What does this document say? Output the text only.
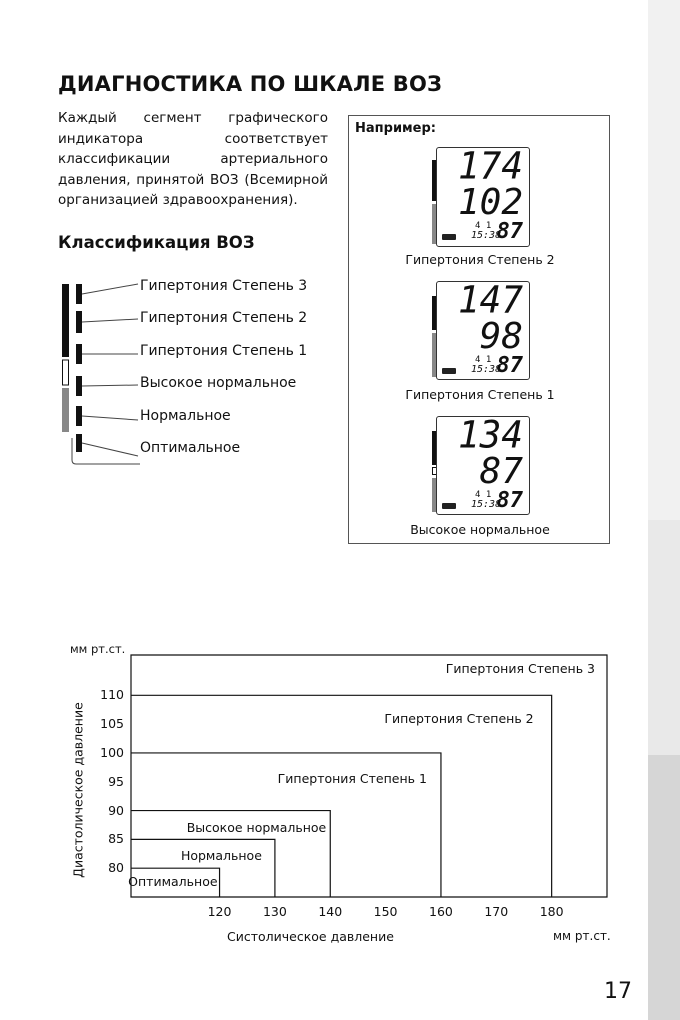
ДИАГНОСТИКА ПО ШКАЛЕ ВОЗ

Каждый сегмент графического индикатора соответствует классификации артериального давления, принятой ВОЗ (Всемирной организацией здравоохранения).

Классификация ВОЗ
Гипертония Степень 3
Гипертония Степень 2
Гипертония Степень 1
Высокое нормальное
Нормальное
Оптимальное
Например:
174
102
4 1
15:38
87
Гипертония Степень 2
147
98
4 1
15:38
87
Гипертония Степень 1
134
87
4 1
15:38
87
Высокое нормальное
мм рт.ст.
Диастолическое давление
Систолическое давление	мм рт.ст.
Гипертония Степень 3
Гипертония Степень 2
Гипертония Степень 1
Высокое нормальное
Нормальное
Оптимальное
80
85
90
95
100
105
110
120	130	140	150	160	170	180
17
